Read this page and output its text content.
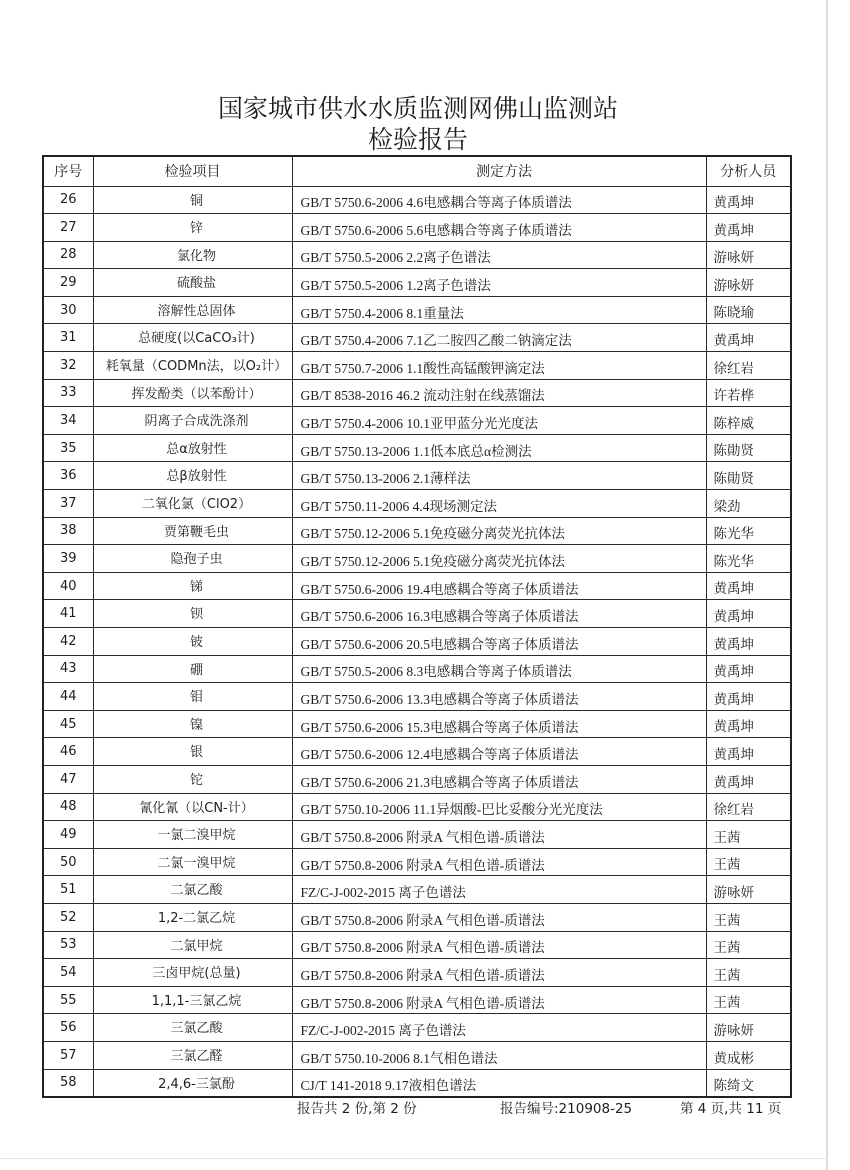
国家城市供水水质监测网佛山监测站
检验报告
序号	检验项目	测定方法	分析人员
26	铜	GB/T 5750.6-2006 4.6电感耦合等离子体质谱法	黄禹坤
27	锌	GB/T 5750.6-2006 5.6电感耦合等离子体质谱法	黄禹坤
28	氯化物	GB/T 5750.5-2006 2.2离子色谱法	游咏妍
29	硫酸盐	GB/T 5750.5-2006 1.2离子色谱法	游咏妍
30	溶解性总固体	GB/T 5750.4-2006 8.1重量法	陈晓瑜
31	总硬度(以CaCO₃计)	GB/T 5750.4-2006 7.1乙二胺四乙酸二钠滴定法	黄禹坤
32	耗氧量（CODMn法，以O₂计）	GB/T 5750.7-2006 1.1酸性高锰酸钾滴定法	徐红岩
33	挥发酚类（以苯酚计）	GB/T 8538-2016 46.2 流动注射在线蒸馏法	许若桦
34	阴离子合成洗涤剂	GB/T 5750.4-2006 10.1亚甲蓝分光光度法	陈梓威
35	总α放射性	GB/T 5750.13-2006 1.1低本底总α检测法	陈勛贤
36	总β放射性	GB/T 5750.13-2006 2.1薄样法	陈勛贤
37	二氧化氯（ClO2）	GB/T 5750.11-2006 4.4现场测定法	梁劲
38	贾第鞭毛虫	GB/T 5750.12-2006 5.1免疫磁分离荧光抗体法	陈光华
39	隐孢子虫	GB/T 5750.12-2006 5.1免疫磁分离荧光抗体法	陈光华
40	锑	GB/T 5750.6-2006 19.4电感耦合等离子体质谱法	黄禹坤
41	钡	GB/T 5750.6-2006 16.3电感耦合等离子体质谱法	黄禹坤
42	铍	GB/T 5750.6-2006 20.5电感耦合等离子体质谱法	黄禹坤
43	硼	GB/T 5750.5-2006 8.3电感耦合等离子体质谱法	黄禹坤
44	钼	GB/T 5750.6-2006 13.3电感耦合等离子体质谱法	黄禹坤
45	镍	GB/T 5750.6-2006 15.3电感耦合等离子体质谱法	黄禹坤
46	银	GB/T 5750.6-2006 12.4电感耦合等离子体质谱法	黄禹坤
47	铊	GB/T 5750.6-2006 21.3电感耦合等离子体质谱法	黄禹坤
48	氰化氰（以CN-计）	GB/T 5750.10-2006 11.1异烟酸-巴比妥酸分光光度法	徐红岩
49	一氯二溴甲烷	GB/T 5750.8-2006 附录A 气相色谱-质谱法	王茜
50	二氯一溴甲烷	GB/T 5750.8-2006 附录A 气相色谱-质谱法	王茜
51	二氯乙酸	FZ/C-J-002-2015 离子色谱法	游咏妍
52	1,2-二氯乙烷	GB/T 5750.8-2006 附录A 气相色谱-质谱法	王茜
53	二氯甲烷	GB/T 5750.8-2006 附录A 气相色谱-质谱法	王茜
54	三卤甲烷(总量)	GB/T 5750.8-2006 附录A 气相色谱-质谱法	王茜
55	1,1,1-三氯乙烷	GB/T 5750.8-2006 附录A 气相色谱-质谱法	王茜
56	三氯乙酸	FZ/C-J-002-2015 离子色谱法	游咏妍
57	三氯乙醛	GB/T 5750.10-2006 8.1气相色谱法	黄成彬
58	2,4,6-三氯酚	CJ/T 141-2018 9.17液相色谱法	陈绮文
报告共 2 份,第 2 份	报告编号:210908-25	第 4 页,共 11 页
